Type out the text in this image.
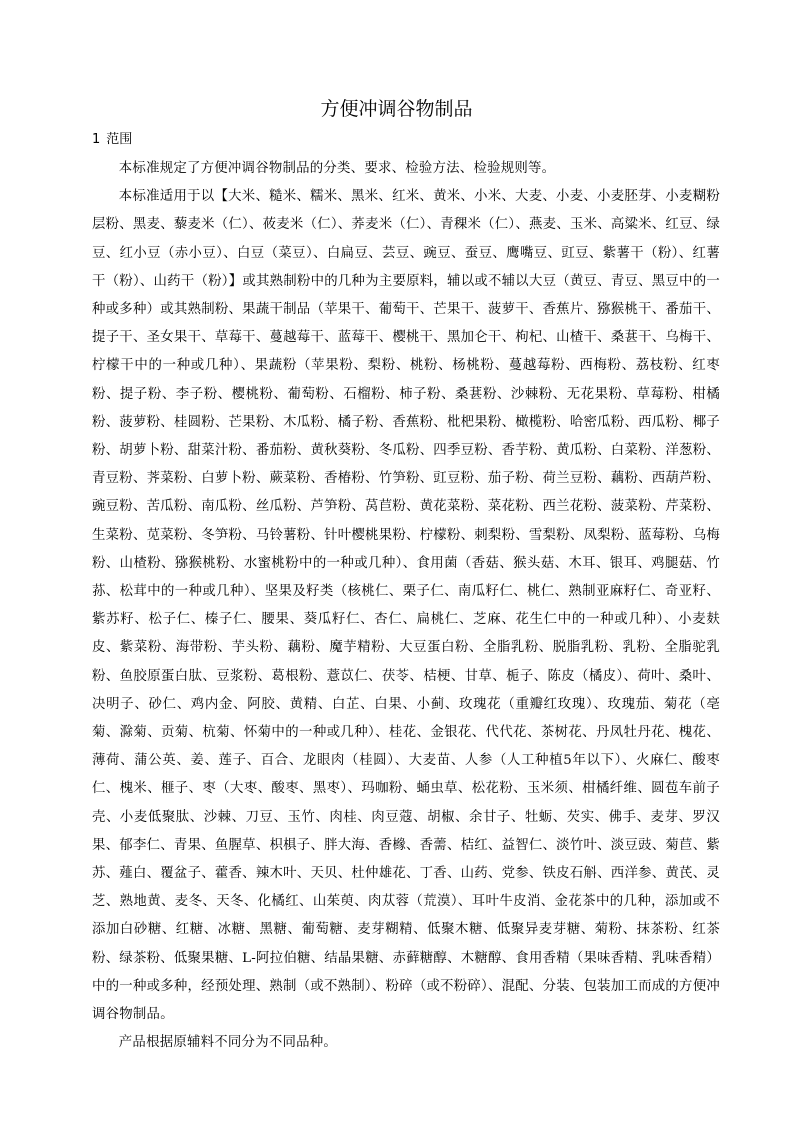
方便冲调谷物制品
1 范围

本标准规定了方便冲调谷物制品的分类、要求、检验方法、检验规则等。

本标准适用于以【大米、糙米、糯米、黑米、红米、黄米、小米、大麦、小麦、小麦胚芽、小麦糊粉层粉、黑麦、藜麦米（仁）、莜麦米（仁）、荞麦米（仁）、青稞米（仁）、燕麦、玉米、高粱米、红豆、绿豆、红小豆（赤小豆）、白豆（菜豆）、白扁豆、芸豆、豌豆、蚕豆、鹰嘴豆、豇豆、紫薯干（粉）、红薯干（粉）、山药干（粉）】或其熟制粉中的几种为主要原料，辅以或不辅以大豆（黄豆、青豆、黑豆中的一种或多种）或其熟制粉、果蔬干制品（苹果干、葡萄干、芒果干、菠萝干、香蕉片、猕猴桃干、番茄干、提子干、圣女果干、草莓干、蔓越莓干、蓝莓干、樱桃干、黑加仑干、枸杞、山楂干、桑葚干、乌梅干、柠檬干中的一种或几种）、果蔬粉（苹果粉、梨粉、桃粉、杨桃粉、蔓越莓粉、西梅粉、荔枝粉、红枣粉、提子粉、李子粉、樱桃粉、葡萄粉、石榴粉、柿子粉、桑葚粉、沙棘粉、无花果粉、草莓粉、柑橘粉、菠萝粉、桂圆粉、芒果粉、木瓜粉、橘子粉、香蕉粉、枇杷果粉、橄榄粉、哈密瓜粉、西瓜粉、椰子粉、胡萝卜粉、甜菜汁粉、番茄粉、黄秋葵粉、冬瓜粉、四季豆粉、香芋粉、黄瓜粉、白菜粉、洋葱粉、青豆粉、荠菜粉、白萝卜粉、蕨菜粉、香椿粉、竹笋粉、豇豆粉、茄子粉、荷兰豆粉、藕粉、西葫芦粉、豌豆粉、苦瓜粉、南瓜粉、丝瓜粉、芦笋粉、莴苣粉、黄花菜粉、菜花粉、西兰花粉、菠菜粉、芹菜粉、生菜粉、苋菜粉、冬笋粉、马铃薯粉、针叶樱桃果粉、柠檬粉、刺梨粉、雪梨粉、凤梨粉、蓝莓粉、乌梅粉、山楂粉、猕猴桃粉、水蜜桃粉中的一种或几种）、食用菌（香菇、猴头菇、木耳、银耳、鸡腿菇、竹荪、松茸中的一种或几种）、坚果及籽类（核桃仁、栗子仁、南瓜籽仁、桃仁、熟制亚麻籽仁、奇亚籽、紫苏籽、松子仁、榛子仁、腰果、葵瓜籽仁、杏仁、扁桃仁、芝麻、花生仁中的一种或几种）、小麦麸皮、紫菜粉、海带粉、芋头粉、藕粉、魔芋精粉、大豆蛋白粉、全脂乳粉、脱脂乳粉、乳粉、全脂驼乳粉、鱼胶原蛋白肽、豆浆粉、葛根粉、薏苡仁、茯苓、桔梗、甘草、栀子、陈皮（橘皮）、荷叶、桑叶、决明子、砂仁、鸡内金、阿胶、黄精、白芷、白果、小蓟、玫瑰花（重瓣红玫瑰）、玫瑰茄、菊花（亳菊、滁菊、贡菊、杭菊、怀菊中的一种或几种）、桂花、金银花、代代花、茶树花、丹凤牡丹花、槐花、薄荷、蒲公英、姜、莲子、百合、龙眼肉（桂圆）、大麦苗、人参（人工种植5年以下）、火麻仁、酸枣仁、槐米、榧子、枣（大枣、酸枣、黑枣）、玛咖粉、蛹虫草、松花粉、玉米须、柑橘纤维、圆苞车前子壳、小麦低聚肽、沙棘、刀豆、玉竹、肉桂、肉豆蔻、胡椒、余甘子、牡蛎、芡实、佛手、麦芽、罗汉果、郁李仁、青果、鱼腥草、枳椇子、胖大海、香橼、香薷、桔红、益智仁、淡竹叶、淡豆豉、菊苣、紫苏、薤白、覆盆子、藿香、辣木叶、天贝、杜仲雄花、丁香、山药、党参、铁皮石斛、西洋参、黄芪、灵芝、熟地黄、麦冬、天冬、化橘红、山茱萸、肉苁蓉（荒漠）、耳叶牛皮消、金花茶中的几种，添加或不添加白砂糖、红糖、冰糖、黑糖、葡萄糖、麦芽糊精、低聚木糖、低聚异麦芽糖、菊粉、抹茶粉、红茶粉、绿茶粉、低聚果糖、L-阿拉伯糖、结晶果糖、赤藓糖醇、木糖醇、食用香精（果味香精、乳味香精）中的一种或多种，经预处理、熟制（或不熟制）、粉碎（或不粉碎）、混配、分装、包装加工而成的方便冲调谷物制品。

产品根据原辅料不同分为不同品种。
